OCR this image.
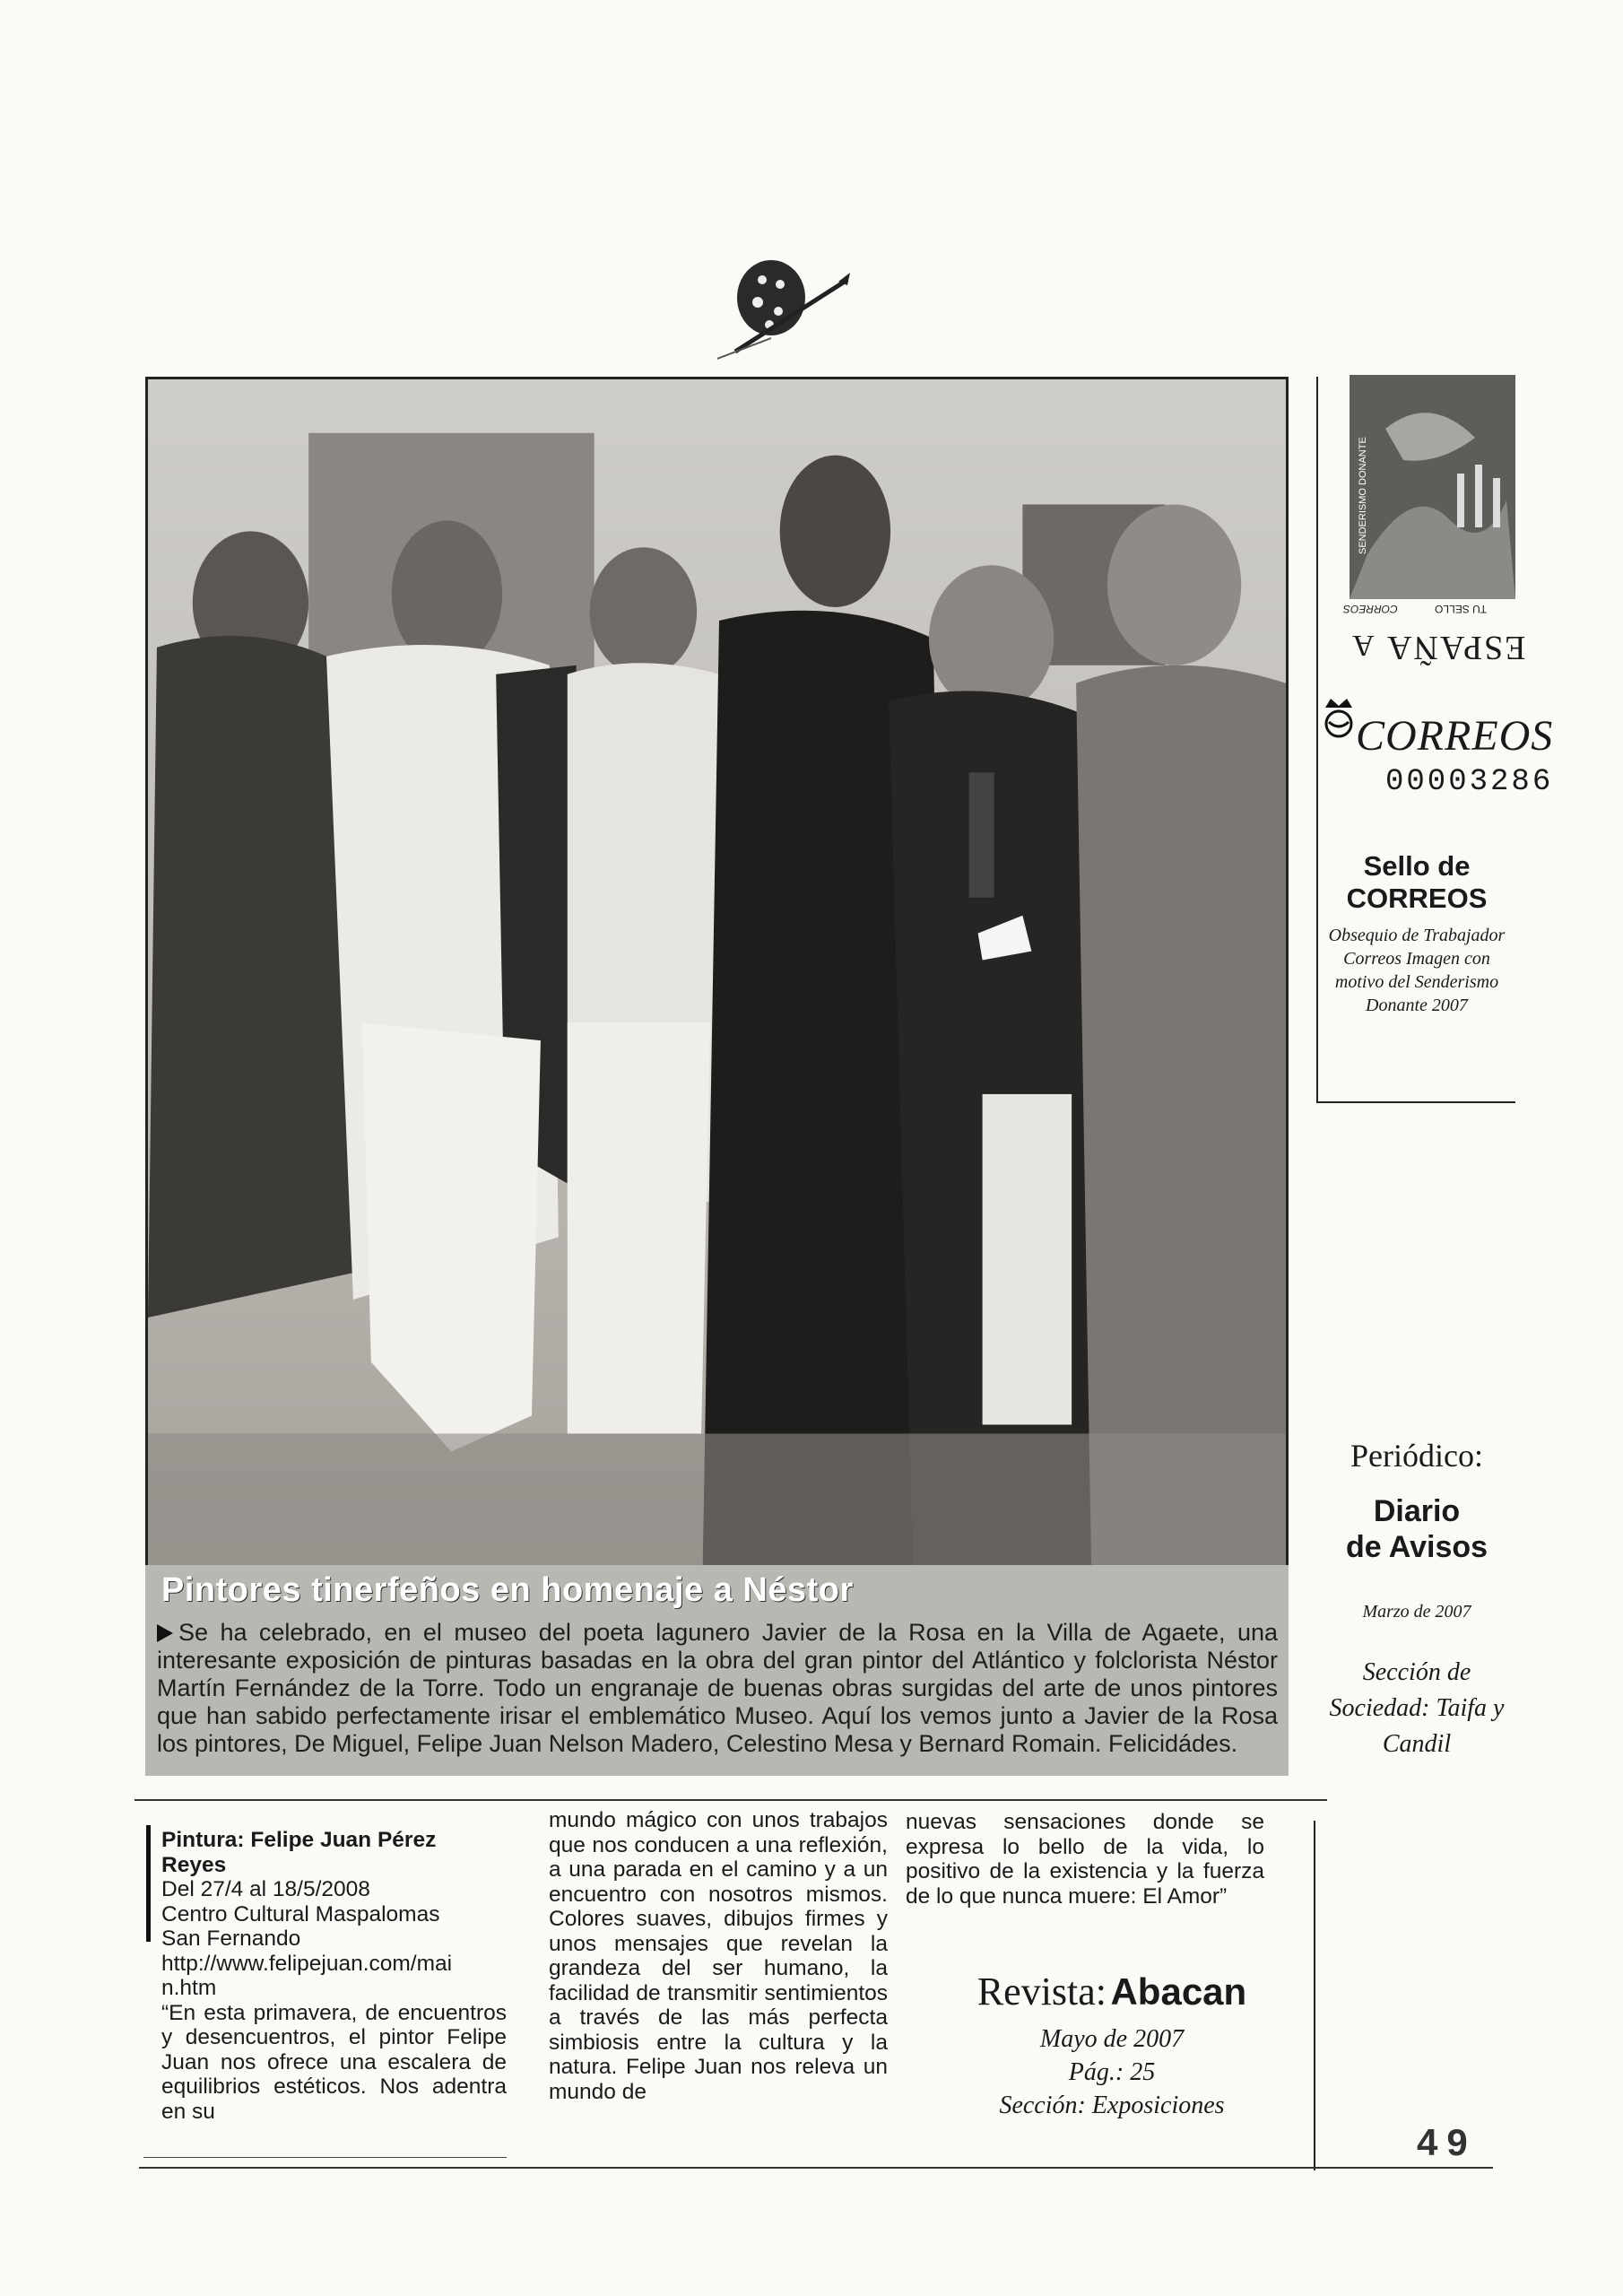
Pintores tinerfeños en homenaje a Néstor
Se ha celebrado, en el museo del poeta lagunero Javier de la Rosa en la Villa de Agaete, una interesante exposición de pinturas basadas en la obra del gran pintor del Atlántico y folclorista Néstor Martín Fernández de la Torre. Todo un engranaje de buenas obras surgidas del arte de unos pintores que han sabido perfectamente irisar el emblemático Museo. Aquí los vemos junto a Javier de la Rosa los pintores, De Miguel, Felipe Juan Nelson Madero, Celestino Mesa y Bernard Romain. Felicidádes.
SENDERISMO DONANTE
A ESPAÑA
TU SELLO
CORREOS
CORREOS
00003286
Sello de
CORREOS
Obsequio de Trabajador Correos Imagen con motivo del Senderismo Donante 2007
Periódico:
Diario
de Avisos
Marzo de 2007
Sección de Sociedad: Taifa y Candil
Pintura: Felipe Juan Pérez
Reyes
Del 27/4 al 18/5/2008
Centro Cultural Maspalomas
San Fernando
http://www.felipejuan.com/mai
n.htm
“En esta primavera, de encuentros y desencuentros, el pintor Felipe Juan nos ofrece una escalera de equilibrios estéticos. Nos adentra en su
mundo mágico con unos trabajos que nos conducen a una reflexión, a una parada en el camino y a un encuentro con nosotros mismos. Colores suaves, dibujos firmes y unos mensajes que revelan la grandeza del ser humano, la facilidad de transmitir sentimientos a través de las más perfecta simbiosis entre la cultura y la natura. Felipe Juan nos releva un mundo de
nuevas sensaciones donde se expresa lo bello de la vida, lo positivo de la existencia y la fuerza de lo que nunca muere: El Amor”
Revista: Abacan
Mayo de 2007
Pág.: 25
Sección: Exposiciones
49
